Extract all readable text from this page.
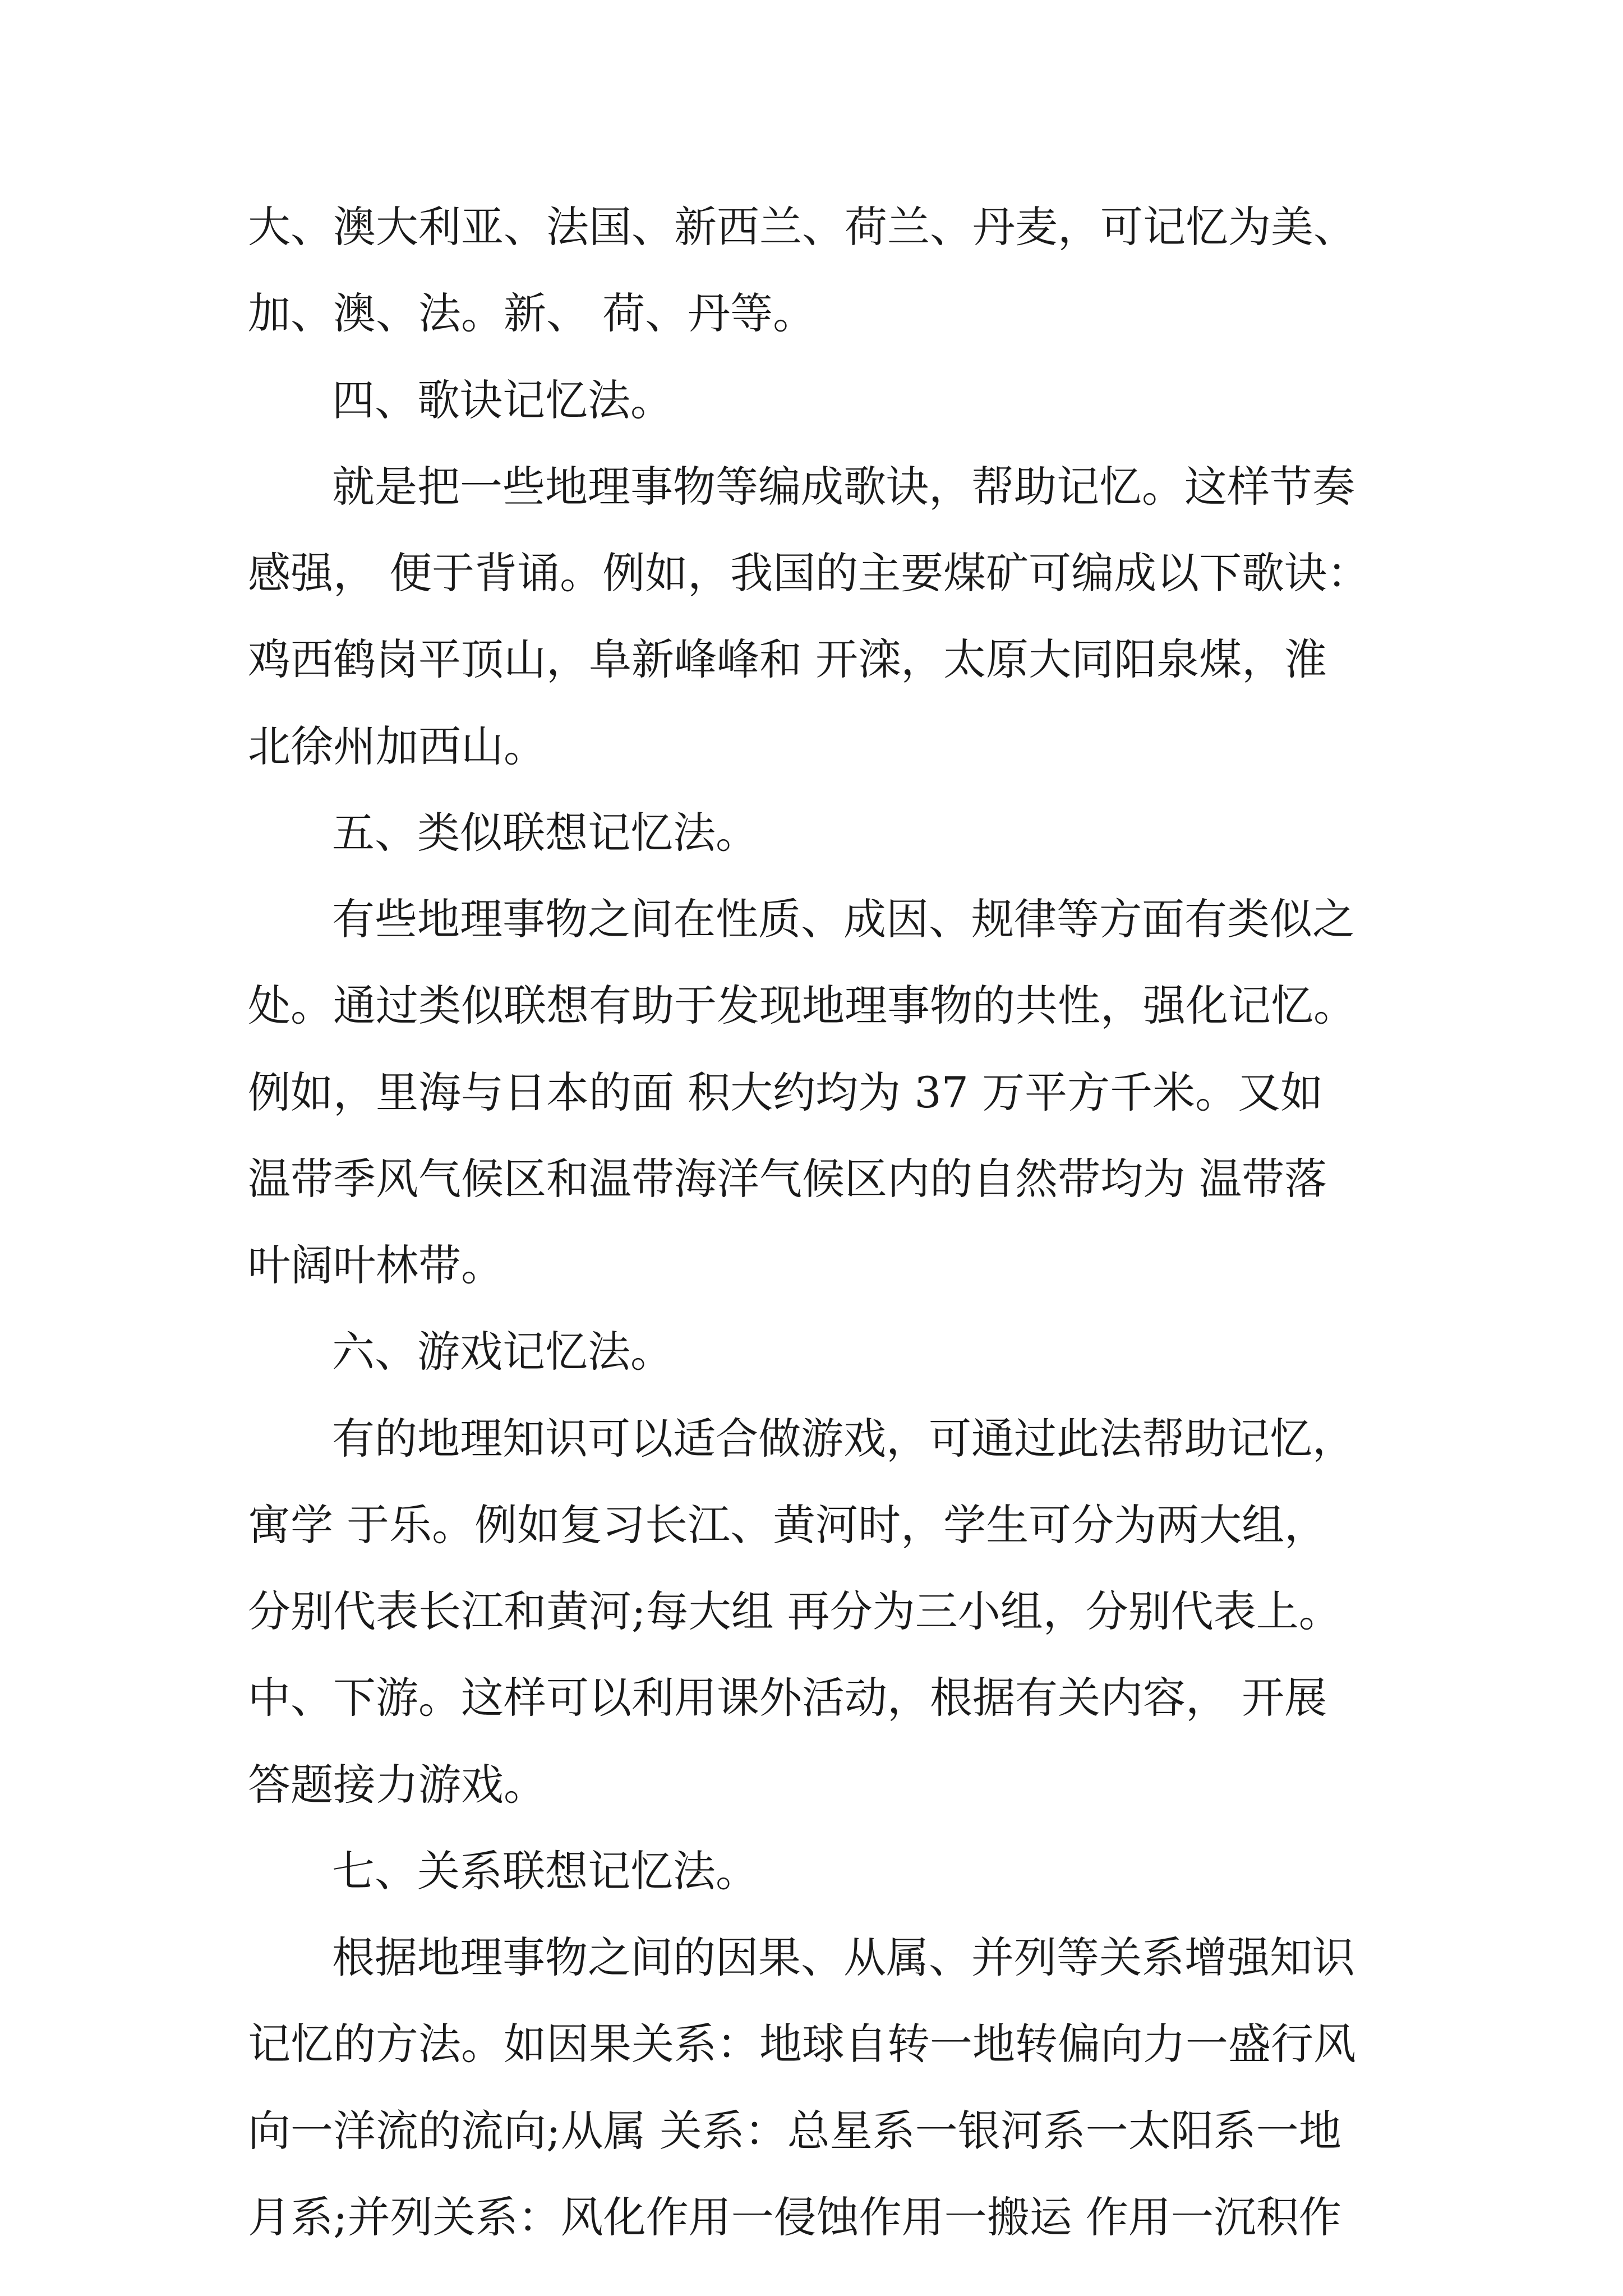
大、澳大利亚、法国、新西兰、荷兰、丹麦，可记忆为美、
加、澳、法。新、 荷、丹等。
四、歌诀记忆法。
就是把一些地理事物等编成歌诀，帮助记忆。这样节奏
感强， 便于背诵。例如，我国的主要煤矿可编成以下歌诀：
鸡西鹤岗平顶山，阜新峰峰和 开滦，太原大同阳泉煤，淮
北徐州加西山。
五、类似联想记忆法。
有些地理事物之间在性质、成因、规律等方面有类似之
处。通过类似联想有助于发现地理事物的共性，强化记忆。
例如，里海与日本的面 积大约均为 37 万平方千米。又如
温带季风气候区和温带海洋气候区内的自然带均为 温带落
叶阔叶林带。
六、游戏记忆法。
有的地理知识可以适合做游戏，可通过此法帮助记忆，
寓学 于乐。例如复习长江、黄河时，学生可分为两大组，
分别代表长江和黄河;每大组 再分为三小组，分别代表上。
中、下游。这样可以利用课外活动，根据有关内容， 开展
答题接力游戏。
七、关系联想记忆法。
根据地理事物之间的因果、从属、并列等关系增强知识
记忆的方法。如因果关系：地球自转一地转偏向力一盛行风
向一洋流的流向;从属 关系：总星系一银河系一太阳系一地
月系;并列关系：风化作用一侵蚀作用一搬运 作用一沉积作
